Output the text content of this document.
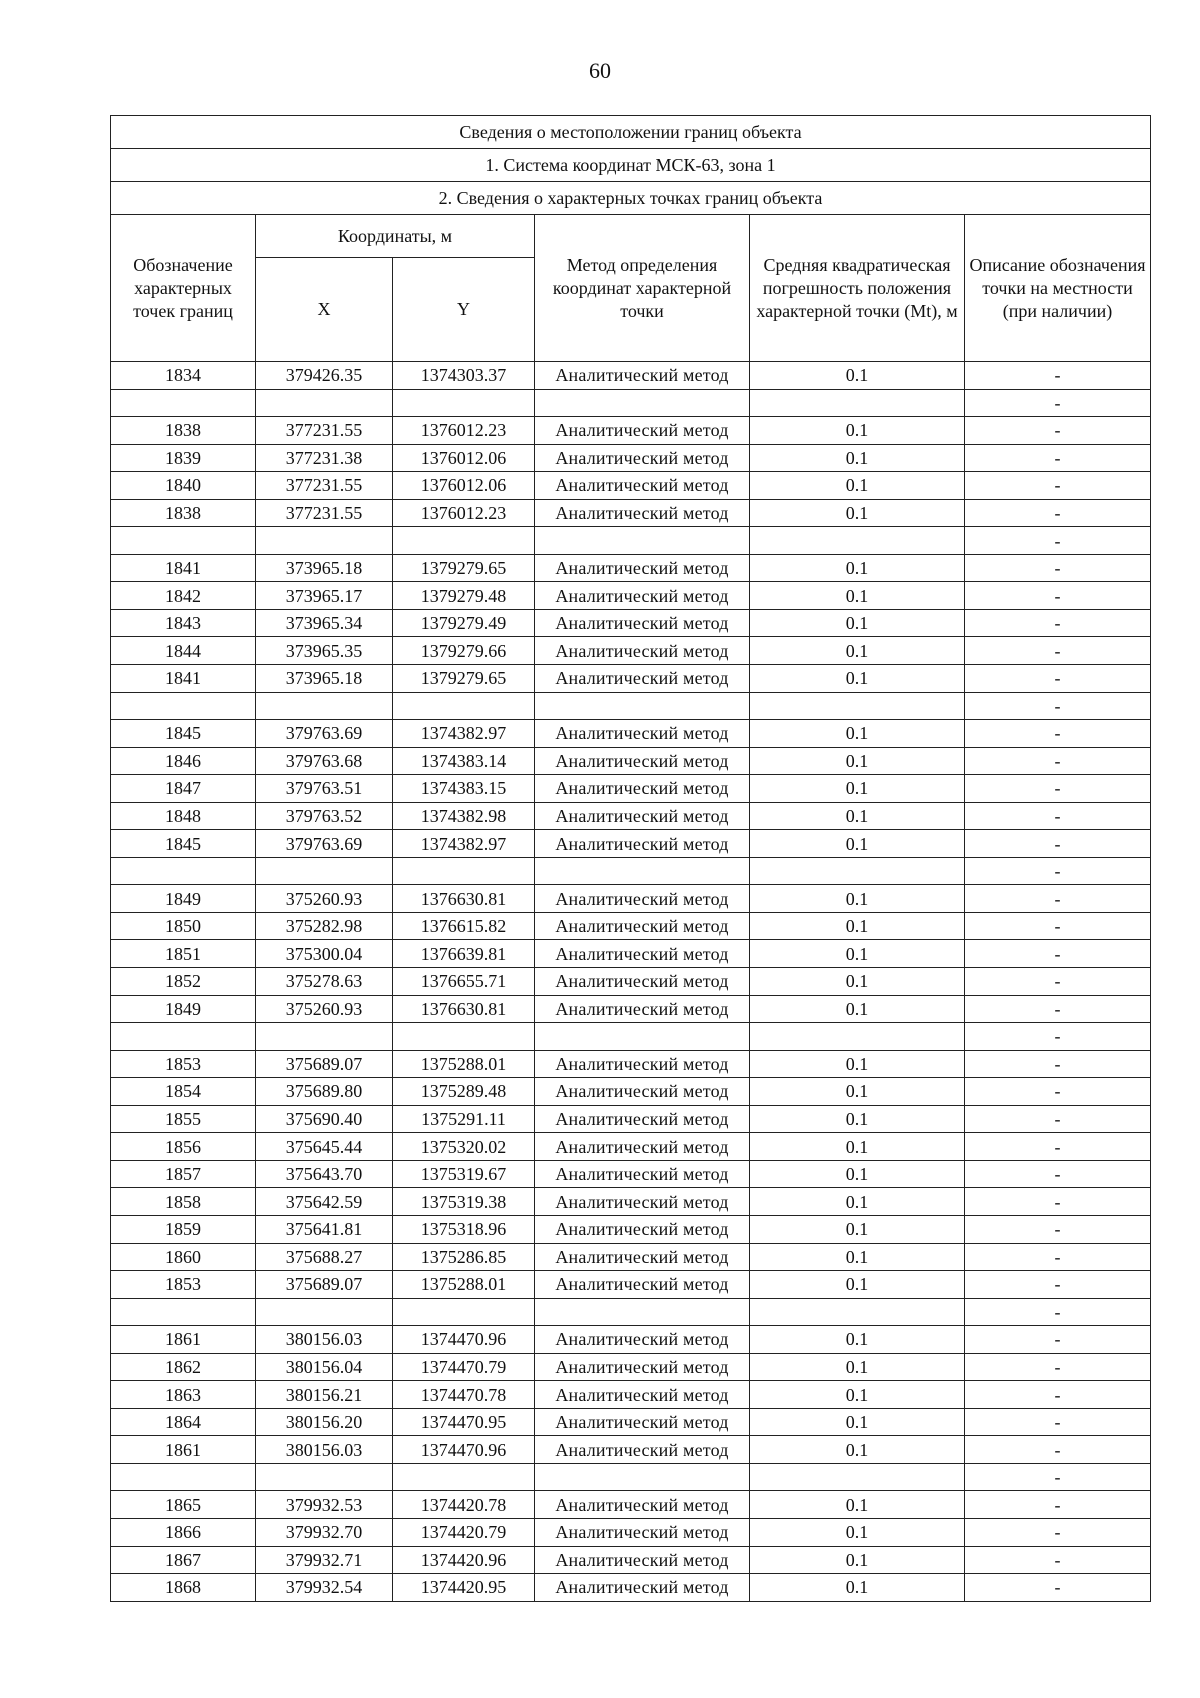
60
Сведения о местоположении границ объекта					
1. Система координат МСК-63, зона 1					
2. Сведения о характерных точках границ объекта					
Обозначение характерных точек границ	Координаты, м		Метод определения координат характерной точки	Средняя квадратическая погрешность положения характерной точки (Mt), м	Описание обозначения точки на местности (при наличии)
	X	Y			
1834	379426.35	1374303.37	Аналитический метод	0.1	-
					-
1838	377231.55	1376012.23	Аналитический метод	0.1	-
1839	377231.38	1376012.06	Аналитический метод	0.1	-
1840	377231.55	1376012.06	Аналитический метод	0.1	-
1838	377231.55	1376012.23	Аналитический метод	0.1	-
					-
1841	373965.18	1379279.65	Аналитический метод	0.1	-
1842	373965.17	1379279.48	Аналитический метод	0.1	-
1843	373965.34	1379279.49	Аналитический метод	0.1	-
1844	373965.35	1379279.66	Аналитический метод	0.1	-
1841	373965.18	1379279.65	Аналитический метод	0.1	-
					-
1845	379763.69	1374382.97	Аналитический метод	0.1	-
1846	379763.68	1374383.14	Аналитический метод	0.1	-
1847	379763.51	1374383.15	Аналитический метод	0.1	-
1848	379763.52	1374382.98	Аналитический метод	0.1	-
1845	379763.69	1374382.97	Аналитический метод	0.1	-
					-
1849	375260.93	1376630.81	Аналитический метод	0.1	-
1850	375282.98	1376615.82	Аналитический метод	0.1	-
1851	375300.04	1376639.81	Аналитический метод	0.1	-
1852	375278.63	1376655.71	Аналитический метод	0.1	-
1849	375260.93	1376630.81	Аналитический метод	0.1	-
					-
1853	375689.07	1375288.01	Аналитический метод	0.1	-
1854	375689.80	1375289.48	Аналитический метод	0.1	-
1855	375690.40	1375291.11	Аналитический метод	0.1	-
1856	375645.44	1375320.02	Аналитический метод	0.1	-
1857	375643.70	1375319.67	Аналитический метод	0.1	-
1858	375642.59	1375319.38	Аналитический метод	0.1	-
1859	375641.81	1375318.96	Аналитический метод	0.1	-
1860	375688.27	1375286.85	Аналитический метод	0.1	-
1853	375689.07	1375288.01	Аналитический метод	0.1	-
					-
1861	380156.03	1374470.96	Аналитический метод	0.1	-
1862	380156.04	1374470.79	Аналитический метод	0.1	-
1863	380156.21	1374470.78	Аналитический метод	0.1	-
1864	380156.20	1374470.95	Аналитический метод	0.1	-
1861	380156.03	1374470.96	Аналитический метод	0.1	-
					-
1865	379932.53	1374420.78	Аналитический метод	0.1	-
1866	379932.70	1374420.79	Аналитический метод	0.1	-
1867	379932.71	1374420.96	Аналитический метод	0.1	-
1868	379932.54	1374420.95	Аналитический метод	0.1	-
